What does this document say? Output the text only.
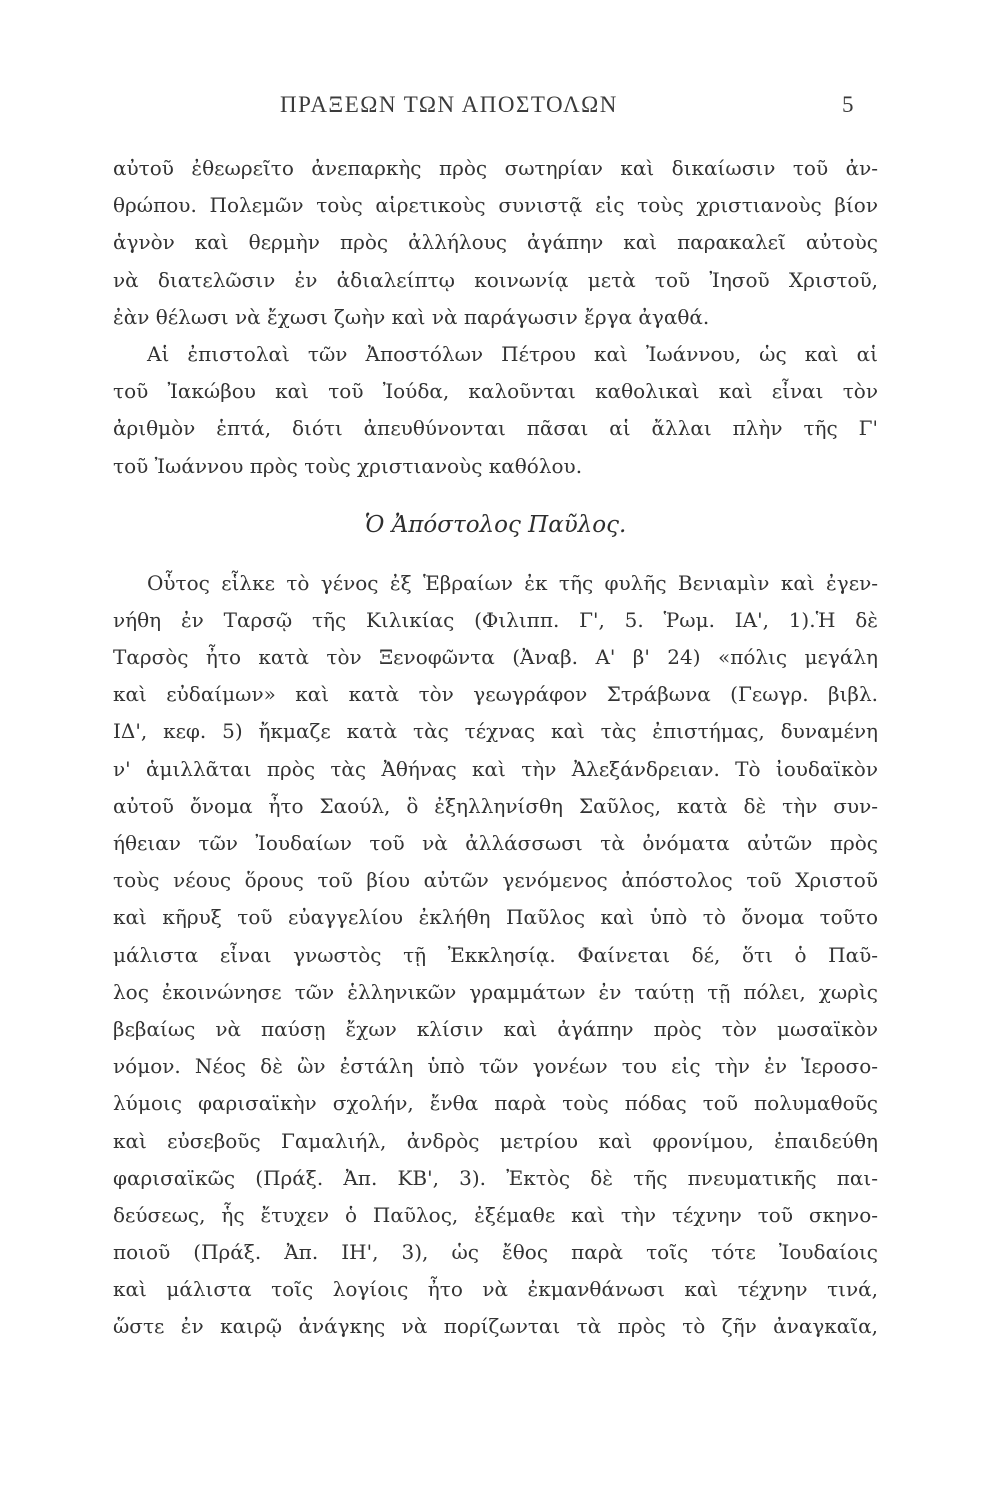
ΠΡΑΞΕΩΝ ΤΩΝ ΑΠΟΣΤΟΛΩΝ	5
αὐτοῦ ἐθεωρεῖτο ἀνεπαρκὴς πρὸς σωτηρίαν καὶ δικαίωσιν τοῦ ἀν-
θρώπου. Πολεμῶν τοὺς αἱρετικοὺς συνιστᾷ εἰς τοὺς χριστιανοὺς βίον
ἁγνὸν καὶ θερμὴν πρὸς ἀλλήλους ἀγάπην καὶ παρακαλεῖ αὐτοὺς
νὰ διατελῶσιν ἐν ἀδιαλείπτῳ κοινωνίᾳ μετὰ τοῦ Ἰησοῦ Χριστοῦ,
ἐὰν θέλωσι νὰ ἔχωσι ζωὴν καὶ νὰ παράγωσιν ἔργα ἀγαθά.
Αἱ ἐπιστολαὶ τῶν Ἀποστόλων Πέτρου καὶ Ἰωάννου, ὡς καὶ αἱ
τοῦ Ἰακώβου καὶ τοῦ Ἰούδα, καλοῦνται καθολικαὶ καὶ εἶναι τὸν
ἀριθμὸν ἑπτά, διότι ἀπευθύνονται πᾶσαι αἱ ἄλλαι πλὴν τῆς Γ'
τοῦ Ἰωάννου πρὸς τοὺς χριστιανοὺς καθόλου.
Ὁ Ἀπόστολος Παῦλος.
Οὗτος εἷλκε τὸ γένος ἐξ Ἑβραίων ἐκ τῆς φυλῆς Βενιαμὶν καὶ ἐγεν-
νήθη ἐν Ταρσῷ τῆς Κιλικίας (Φιλιππ. Γ', 5. Ῥωμ. ΙΑ', 1).Ἡ δὲ
Ταρσὸς ἦτο κατὰ τὸν Ξενοφῶντα (Ἀναβ. Α' β' 24) «πόλις μεγάλη
καὶ εὐδαίμων» καὶ κατὰ τὸν γεωγράφον Στράβωνα (Γεωγρ. βιβλ.
ΙΔ', κεφ. 5) ἤκμαζε κατὰ τὰς τέχνας καὶ τὰς ἐπιστήμας, δυναμένη
ν' ἁμιλλᾶται πρὸς τὰς Ἀθήνας καὶ τὴν Ἀλεξάνδρειαν. Τὸ ἰουδαϊκὸν
αὐτοῦ ὄνομα ἦτο Σαούλ, ὃ ἐξηλληνίσθη Σαῦλος, κατὰ δὲ τὴν συν-
ήθειαν τῶν Ἰουδαίων τοῦ νὰ ἀλλάσσωσι τὰ ὀνόματα αὐτῶν πρὸς
τοὺς νέους ὅρους τοῦ βίου αὐτῶν γενόμενος ἀπόστολος τοῦ Χριστοῦ
καὶ κῆρυξ τοῦ εὐαγγελίου ἐκλήθη Παῦλος καὶ ὑπὸ τὸ ὄνομα τοῦτο
μάλιστα εἶναι γνωστὸς τῇ Ἐκκλησίᾳ. Φαίνεται δέ, ὅτι ὁ Παῦ-
λος ἐκοινώνησε τῶν ἑλληνικῶν γραμμάτων ἐν ταύτῃ τῇ πόλει, χωρὶς
βεβαίως νὰ παύσῃ ἔχων κλίσιν καὶ ἀγάπην πρὸς τὸν μωσαϊκὸν
νόμον. Νέος δὲ ὢν ἐστάλη ὑπὸ τῶν γονέων του εἰς τὴν ἐν Ἱεροσο-
λύμοις φαρισαϊκὴν σχολήν, ἔνθα παρὰ τοὺς πόδας τοῦ πολυμαθοῦς
καὶ εὐσεβοῦς Γαμαλιήλ, ἀνδρὸς μετρίου καὶ φρονίμου, ἐπαιδεύθη
φαρισαϊκῶς (Πράξ. Ἀπ. ΚΒ', 3). Ἐκτὸς δὲ τῆς πνευματικῆς παι-
δεύσεως, ἧς ἔτυχεν ὁ Παῦλος, ἐξέμαθε καὶ τὴν τέχνην τοῦ σκηνο-
ποιοῦ (Πράξ. Ἀπ. ΙΗ', 3), ὡς ἔθος παρὰ τοῖς τότε Ἰουδαίοις
καὶ μάλιστα τοῖς λογίοις ἦτο νὰ ἐκμανθάνωσι καὶ τέχνην τινά,
ὥστε ἐν καιρῷ ἀνάγκης νὰ πορίζωνται τὰ πρὸς τὸ ζῆν ἀναγκαῖα,
